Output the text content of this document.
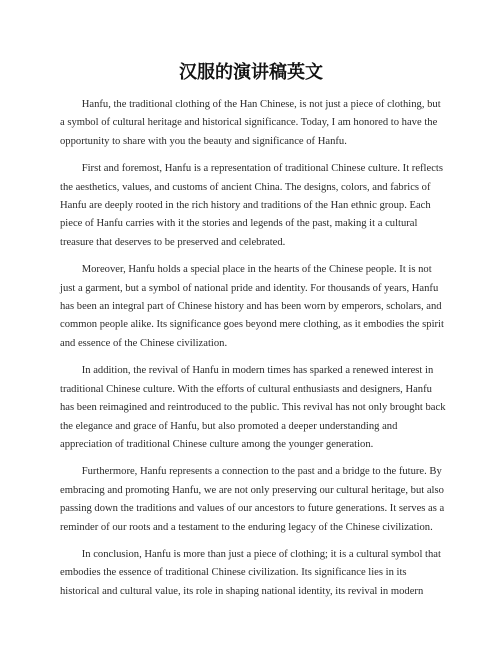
汉服的演讲稿英文

Hanfu, the traditional clothing of the Han Chinese, is not just a piece of clothing, but a symbol of cultural heritage and historical significance. Today, I am honored to have the opportunity to share with you the beauty and significance of Hanfu.

First and foremost, Hanfu is a representation of traditional Chinese culture. It reflects the aesthetics, values, and customs of ancient China. The designs, colors, and fabrics of Hanfu are deeply rooted in the rich history and traditions of the Han ethnic group. Each piece of Hanfu carries with it the stories and legends of the past, making it a cultural treasure that deserves to be preserved and celebrated.

Moreover, Hanfu holds a special place in the hearts of the Chinese people. It is not just a garment, but a symbol of national pride and identity. For thousands of years, Hanfu has been an integral part of Chinese history and has been worn by emperors, scholars, and common people alike. Its significance goes beyond mere clothing, as it embodies the spirit and essence of the Chinese civilization.

In addition, the revival of Hanfu in modern times has sparked a renewed interest in traditional Chinese culture. With the efforts of cultural enthusiasts and designers, Hanfu has been reimagined and reintroduced to the public. This revival has not only brought back the elegance and grace of Hanfu, but also promoted a deeper understanding and appreciation of traditional Chinese culture among the younger generation.

Furthermore, Hanfu represents a connection to the past and a bridge to the future. By embracing and promoting Hanfu, we are not only preserving our cultural heritage, but also passing down the traditions and values of our ancestors to future generations. It serves as a reminder of our roots and a testament to the enduring legacy of the Chinese civilization.

In conclusion, Hanfu is more than just a piece of clothing; it is a cultural symbol that embodies the essence of traditional Chinese civilization. Its significance lies in its historical and cultural value, its role in shaping national identity, its revival in modern
